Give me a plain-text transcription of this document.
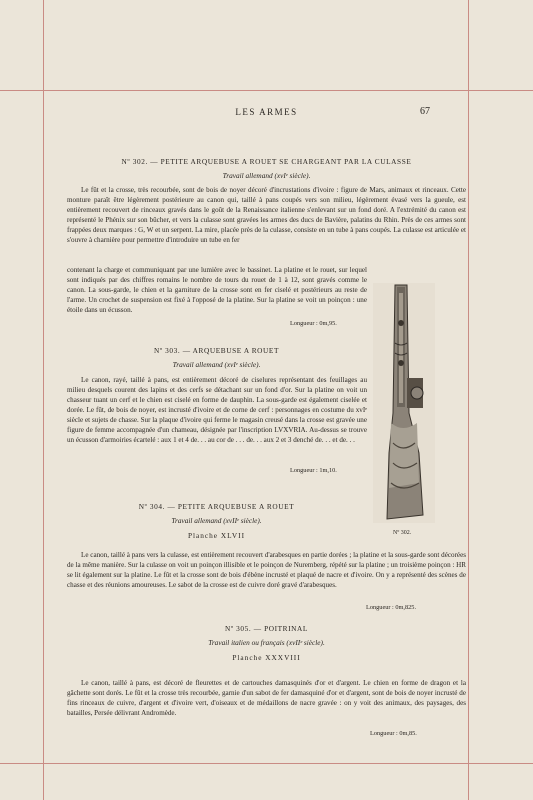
LES ARMES	67
Nº 302. — PETITE ARQUEBUSE A ROUET SE CHARGEANT PAR LA CULASSE
Travail allemand (xvIᵉ siècle).

Le fût et la crosse, très recourbée, sont de bois de noyer décoré d'incrustations d'ivoire : figure de Mars, animaux et rinceaux. Cette monture paraît être légèrement postérieure au canon qui, taillé à pans coupés vers son milieu, légèrement évasé vers la gueule, est entièrement recouvert de rinceaux gravés dans le goût de la Renaissance italienne s'enlevant sur un fond doré. A l'extrémité du canon est représenté le Phénix sur son bûcher, et vers la culasse sont gravées les armes des ducs de Bavière, palatins du Rhin. Près de ces armes sont frappées deux marques : G, W et un serpent. La mire, placée près de la culasse, consiste en un tube à pans coupés. La culasse est articulée et s'ouvre à charnière pour permettre d'introduire un tube en fer

contenant la charge et communiquant par une lumière avec le bassinet. La platine et le rouet, sur lequel sont indiqués par des chiffres romains le nombre de tours du rouet de 1 à 12, sont gravés comme le canon. La sous-garde, le chien et la garniture de la crosse sont en fer ciselé et postérieurs au reste de l'arme. Un crochet de suspension est fixé à l'opposé de la platine. Sur la platine se voit un poinçon : une étoile dans un écusson.

Longueur : 0m,95.
Nº 303. — ARQUEBUSE A ROUET
Travail allemand (xvIᵉ siècle).

Le canon, rayé, taillé à pans, est entièrement décoré de ciselures représentant des feuillages au milieu desquels courent des lapins et des cerfs se détachant sur un fond d'or. Sur la platine on voit un chasseur tuant un cerf et le chien est ciselé en forme de dauphin. La sous-garde est également ciselée et dorée. Le fût, de bois de noyer, est incrusté d'ivoire et de corne de cerf : personnages en costume du xvIᵉ siècle et sujets de chasse. Sur la plaque d'ivoire qui ferme le magasin creusé dans la crosse est gravée une figure de femme accompagnée d'un chameau, désignée par l'inscription LVXVRIA. Au-dessus se trouve un écusson d'armoiries écartelé : aux 1 et 4 de. . . au cor de . . . de. . . aux 2 et 3 denché de. . . et de. . .

Longueur : 1m,10.
Nº 302.
Nº 304. — PETITE ARQUEBUSE A ROUET
Travail allemand (xvIIᵉ siècle).
Planche XLVII

Le canon, taillé à pans vers la culasse, est entièrement recouvert d'arabesques en partie dorées ; la platine et la sous-garde sont décorées de la même manière. Sur la culasse on voit un poinçon illisible et le poinçon de Nuremberg, répété sur la platine ; un troisième poinçon : HR se lit également sur la platine. Le fût et la crosse sont de bois d'ébène incrusté et plaqué de nacre et d'ivoire. On y a représenté des scènes de chasse et des réunions amoureuses. Le sabot de la crosse est de cuivre doré gravé d'arabesques.

Longueur : 0m,825.
Nº 305. — POITRINAL
Travail italien ou français (xvIIᵉ siècle).
Planche XXXVIII

Le canon, taillé à pans, est décoré de fleurettes et de cartouches damasquinés d'or et d'argent. Le chien en forme de dragon et la gâchette sont dorés. Le fût et la crosse très recourbée, garnie d'un sabot de fer damasquiné d'or et d'argent, sont de bois de noyer incrusté de fins rinceaux de cuivre, d'argent et d'ivoire vert, d'oiseaux et de médaillons de nacre gravée : on y voit des animaux, des paysages, des batailles, Persée délivrant Andromède.

Longueur : 0m,85.
